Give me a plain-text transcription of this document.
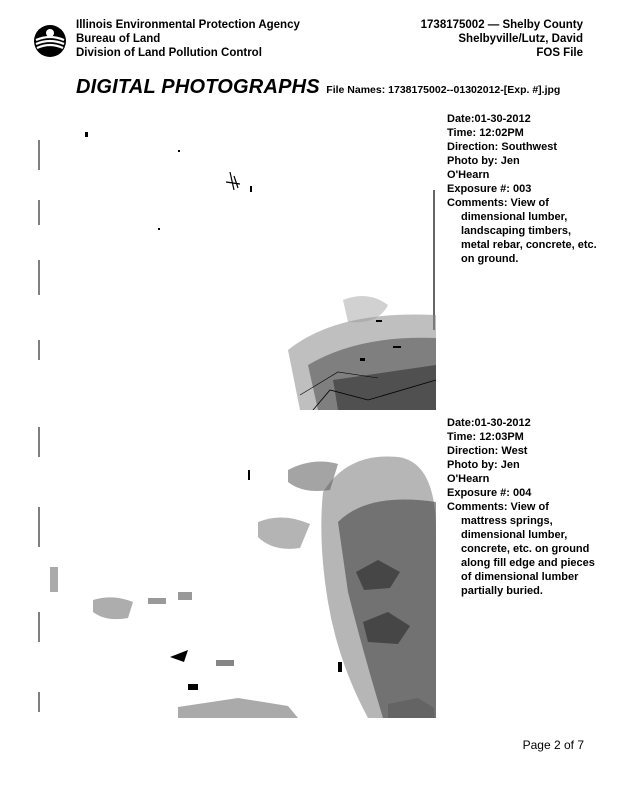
Illinois Environmental Protection Agency
Bureau of Land
Division of Land Pollution Control
1738175002 — Shelby County
Shelbyville/Lutz, David
FOS File
DIGITAL PHOTOGRAPHS File Names: 1738175002--01302012-[Exp. #].jpg
Date:01-30-2012
Time: 12:02PM
Direction: Southwest
Photo by: Jen
O'Hearn
Exposure #: 003
Comments: View of
dimensional lumber, landscaping timbers, metal rebar, concrete, etc. on ground.
Date:01-30-2012
Time: 12:03PM
Direction: West
Photo by: Jen
O'Hearn
Exposure #: 004
Comments: View of
mattress springs, dimensional lumber, concrete, etc. on ground along fill edge and pieces of dimensional lumber partially buried.
Page 2 of 7
